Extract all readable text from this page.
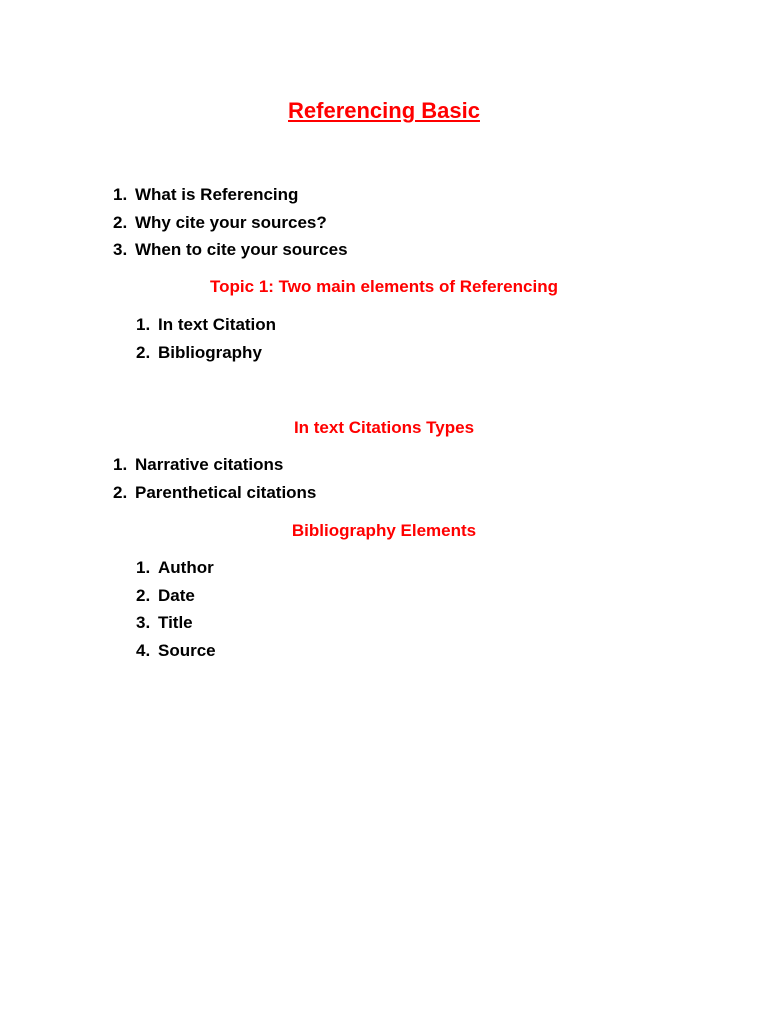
Referencing Basic
1. What is Referencing
2. Why cite your sources?
3. When to cite your sources
Topic 1: Two main elements of Referencing
1. In text Citation
2. Bibliography
In text Citations Types
1. Narrative citations
2. Parenthetical citations
Bibliography Elements
1. Author
2. Date
3. Title
4. Source
